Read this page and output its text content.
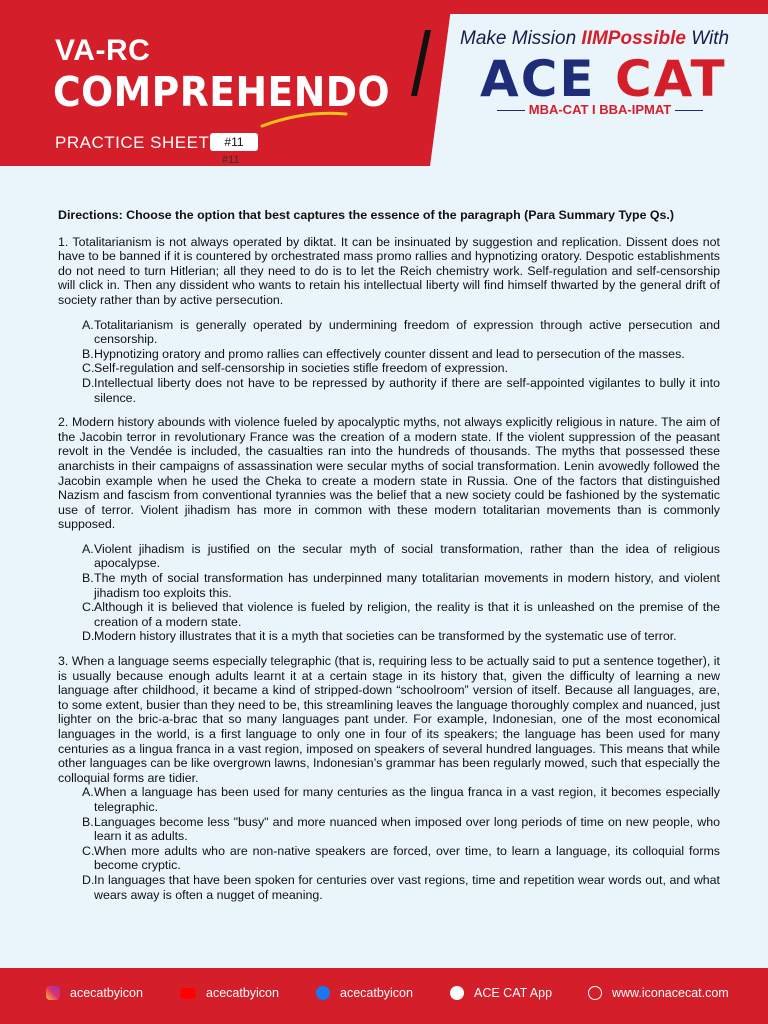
VA-RC
COMPREHENDO
PRACTICE SHEET	#11
#11
Make Mission IIMPossible With
ACE CAT
MBA-CAT I BBA-IPMAT
Directions: Choose the option that best captures the essence of the paragraph (Para Summary Type Qs.)

1. Totalitarianism is not always operated by diktat. It can be insinuated by suggestion and replication. Dissent does not have to be banned if it is countered by orchestrated mass promo rallies and hypnotizing oratory. Despotic establishments do not need to turn Hitlerian; all they need to do is to let the Reich chemistry work. Self-regulation and self-censorship will click in. Then any dissident who wants to retain his intellectual liberty will find himself thwarted by the general drift of society rather than by active persecution.

A. Totalitarianism is generally operated by undermining freedom of expression through active persecution and censorship.
B. Hypnotizing oratory and promo rallies can effectively counter dissent and lead to persecution of the masses.
C. Self-regulation and self-censorship in societies stifle freedom of expression.
D. Intellectual liberty does not have to be repressed by authority if there are self-appointed vigilantes to bully it into silence.

2. Modern history abounds with violence fueled by apocalyptic myths, not always explicitly religious in nature. The aim of the Jacobin terror in revolutionary France was the creation of a modern state. If the violent suppression of the peasant revolt in the Vendée is included, the casualties ran into the hundreds of thousands. The myths that possessed these anarchists in their campaigns of assassination were secular myths of social transformation. Lenin avowedly followed the Jacobin example when he used the Cheka to create a modern state in Russia. One of the factors that distinguished Nazism and fascism from conventional tyrannies was the belief that a new society could be fashioned by the systematic use of terror. Violent jihadism has more in common with these modern totalitarian movements than is commonly supposed.

A. Violent jihadism is justified on the secular myth of social transformation, rather than the idea of religious apocalypse.
B. The myth of social transformation has underpinned many totalitarian movements in modern history, and violent jihadism too exploits this.
C. Although it is believed that violence is fueled by religion, the reality is that it is unleashed on the premise of the creation of a modern state.
D. Modern history illustrates that it is a myth that societies can be transformed by the systematic use of terror.

3. When a language seems especially telegraphic (that is, requiring less to be actually said to put a sentence together), it is usually because enough adults learnt it at a certain stage in its history that, given the difficulty of learning a new language after childhood, it became a kind of stripped-down “schoolroom” version of itself. Because all languages, are, to some extent, busier than they need to be, this streamlining leaves the language thoroughly complex and nuanced, just lighter on the bric-a-brac that so many languages pant under. For example, Indonesian, one of the most economical languages in the world, is a first language to only one in four of its speakers; the language has been used for many centuries as a lingua franca in a vast region, imposed on speakers of several hundred languages. This means that while other languages can be like overgrown lawns, Indonesian’s grammar has been regularly mowed, such that especially the colloquial forms are tidier.

A. When a language has been used for many centuries as the lingua franca in a vast region, it becomes especially telegraphic.
B. Languages become less "busy" and more nuanced when imposed over long periods of time on new people, who learn it as adults.
C. When more adults who are non-native speakers are forced, over time, to learn a language, its colloquial forms become cryptic.
D. In languages that have been spoken for centuries over vast regions, time and repetition wear words out, and what wears away is often a nugget of meaning.
acecatbyicon	acecatbyicon	acecatbyicon	ACE CAT App	www.iconacecat.com
